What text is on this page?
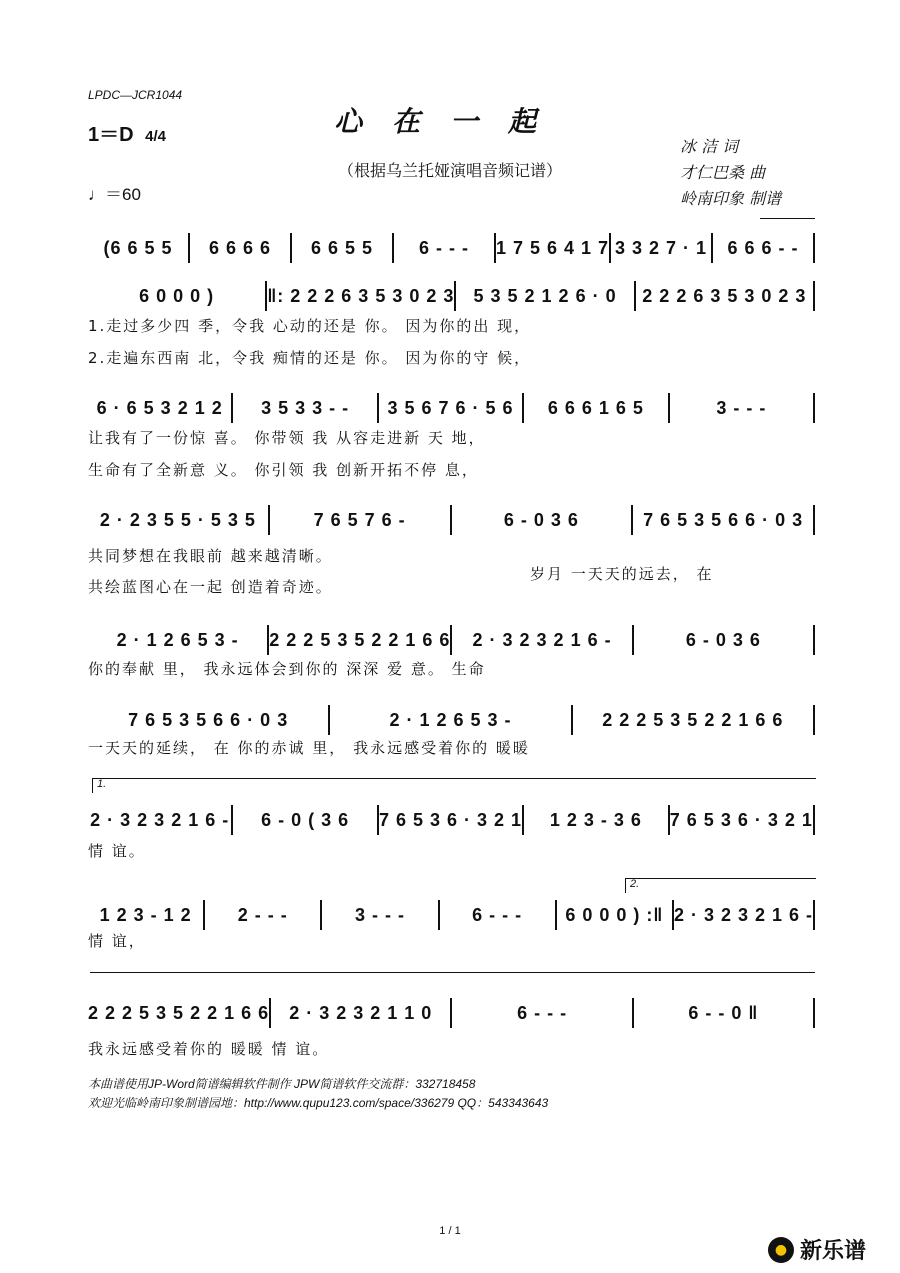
LPDC—JCR1044
心在一起
（根据乌兰托娅演唱音频记谱）
1＝D 4/4
♩＝60
冰 洁 词
才仁巴桑 曲
岭南印象 制谱
(6 6 5 5	6 6 6 6	6 6 5 5	6 - - -	1 7 5 6 4 1 7 3 3 2 7 · 1	6 6 6 - -
6 0 0 0 )	‖: 2 2 2 6 3 5 3 0 2 3	5 3 5 2 1 2 6 · 0	2 2 2 6 3 5 3 0 2 3
1.走过多少四 季，令我 心动的还是 你。 因为你的出 现，
2.走遍东西南 北，令我 痴情的还是 你。 因为你的守 候，
6 · 6 5 3 2 1 2	3 5 3 3 - -	3 5 6 7 6 · 5 6	6 6 6 1 6 5	3 - - -
让我有了一份惊 喜。 你带领 我 从容走进新 天 地，
生命有了全新意 义。 你引领 我 创新开拓不停 息，
2 · 2 3 5 5 · 5 3 5	7 6 5 7 6 -	6 - 0 3 6	7 6 5 3 5 6 6 · 0 3
共同梦想在我眼前 越来越清晰。
共绘蓝图心在一起 创造着奇迹。
岁月 一天天的远去， 在
2 · 1 2 6 5 3 -	2 2 2 5 3 5 2 2 1 6 6	2 · 3 2 3 2 1 6 -	6 - 0 3 6
你的奉献 里， 我永远体会到你的 深深 爱 意。 生命
7 6 5 3 5 6 6 · 0 3	2 · 1 2 6 5 3 -	2 2 2 5 3 5 2 2 1 6 6
一天天的延续， 在 你的赤诚 里， 我永远感受着你的 暖暖
2 · 3 2 3 2 1 6 -	6 - 0 ( 3 6	7 6 5 3 6 · 3 2 1	1 2 3 - 3 6	7 6 5 3 6 · 3 2 1
1.
情 谊。
1 2 3 - 1 2	2 - - -	3 - - -	6 - - -	6 0 0 0 ) :‖ 2 · 3 2 3 2 1 6 -
2.
情 谊，
2 2 2 5 3 5 2 2 1 6 6	2 · 3 2 3 2 1 1 0	6 - - -	6 - - 0 ‖
我永远感受着你的 暖暖 情 谊。
本曲谱使用JP-Word简谱编辑软件制作 JPW简谱软件交流群：332718458
欢迎光临岭南印象制谱园地：http://www.qupu123.com/space/336279 QQ：543343643
1 / 1
● 新乐谱
